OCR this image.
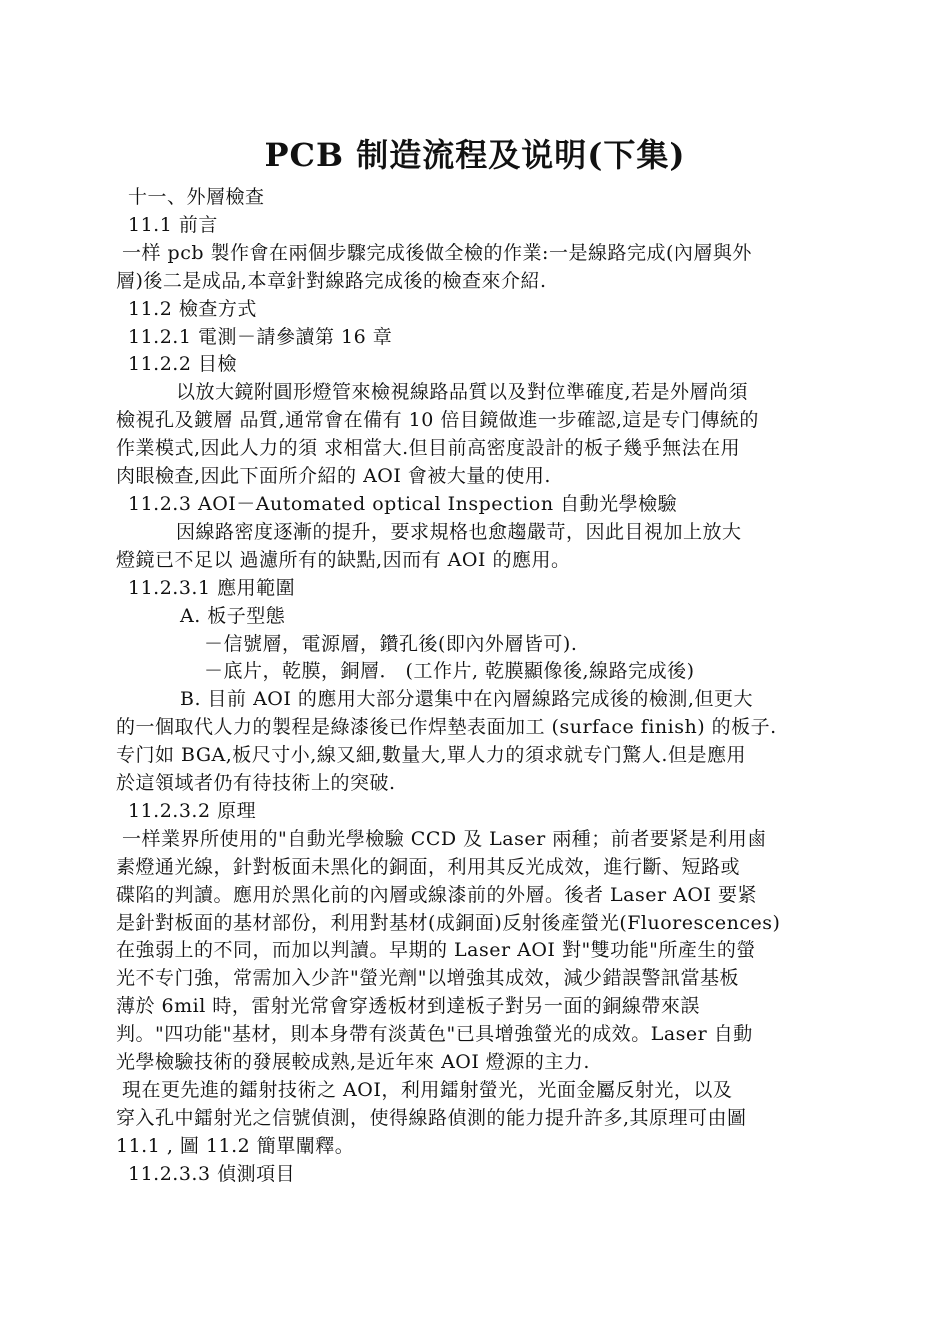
PCB 制造流程及说明(下集)

十一、外層檢查

11.1 前言

一样 pcb 製作會在兩個步驟完成後做全檢的作業:一是線路完成(內層與外

層)後二是成品,本章針對線路完成後的檢查來介紹.

11.2 檢查方式

11.2.1 電測－請參讀第 16 章

11.2.2 目檢

以放大鏡附圓形燈管來檢視線路品質以及對位準確度,若是外層尚須

檢視孔及鍍層 品質,通常會在備有 10 倍目鏡做進一步確認,這是专门傳統的

作業模式,因此人力的須 求相當大.但目前高密度設計的板子幾乎無法在用

肉眼檢查,因此下面所介紹的 AOI 會被大量的使用.

11.2.3 AOI－Automated optical Inspection 自動光學檢驗

因線路密度逐漸的提升，要求規格也愈趨嚴苛，因此目視加上放大

燈鏡已不足以 過濾所有的缺點,因而有 AOI 的應用。

11.2.3.1 應用範圍

A. 板子型態

－信號層，電源層，鑽孔後(即內外層皆可).

－底片，乾膜，銅層． (工作片, 乾膜顯像後,線路完成後)

B. 目前 AOI 的應用大部分還集中在內層線路完成後的檢測,但更大

的一個取代人力的製程是綠漆後已作焊墊表面加工 (surface finish) 的板子.

专门如 BGA,板尺寸小,線又細,數量大,單人力的須求就专门驚人.但是應用

於這領域者仍有待技術上的突破.

11.2.3.2 原理

一样業界所使用的"自動光學檢驗 CCD 及 Laser 兩種；前者要紧是利用鹵

素燈通光線，針對板面未黑化的銅面，利用其反光成效，進行斷、短路或

碟陷的判讀。應用於黑化前的內層或線漆前的外層。後者 Laser AOI 要紧

是針對板面的基材部份，利用對基材(成銅面)反射後產螢光(Fluorescences)

在強弱上的不同，而加以判讀。早期的 Laser AOI 對"雙功能"所產生的螢

光不专门強，常需加入少許"螢光劑"以增強其成效，減少錯誤警訊當基板

薄於 6mil 時，雷射光常會穿透板材到達板子對另一面的銅線帶來誤

判。"四功能"基材，則本身帶有淡黃色"已具增強螢光的成效。Laser 自動

光學檢驗技術的發展較成熟,是近年來 AOI 燈源的主力.

現在更先進的鐳射技術之 AOI，利用鐳射螢光，光面金屬反射光，以及

穿入孔中鐳射光之信號偵測，使得線路偵測的能力提升許多,其原理可由圖

11.1 , 圖 11.2 簡單闡釋。

11.2.3.3 偵測項目
